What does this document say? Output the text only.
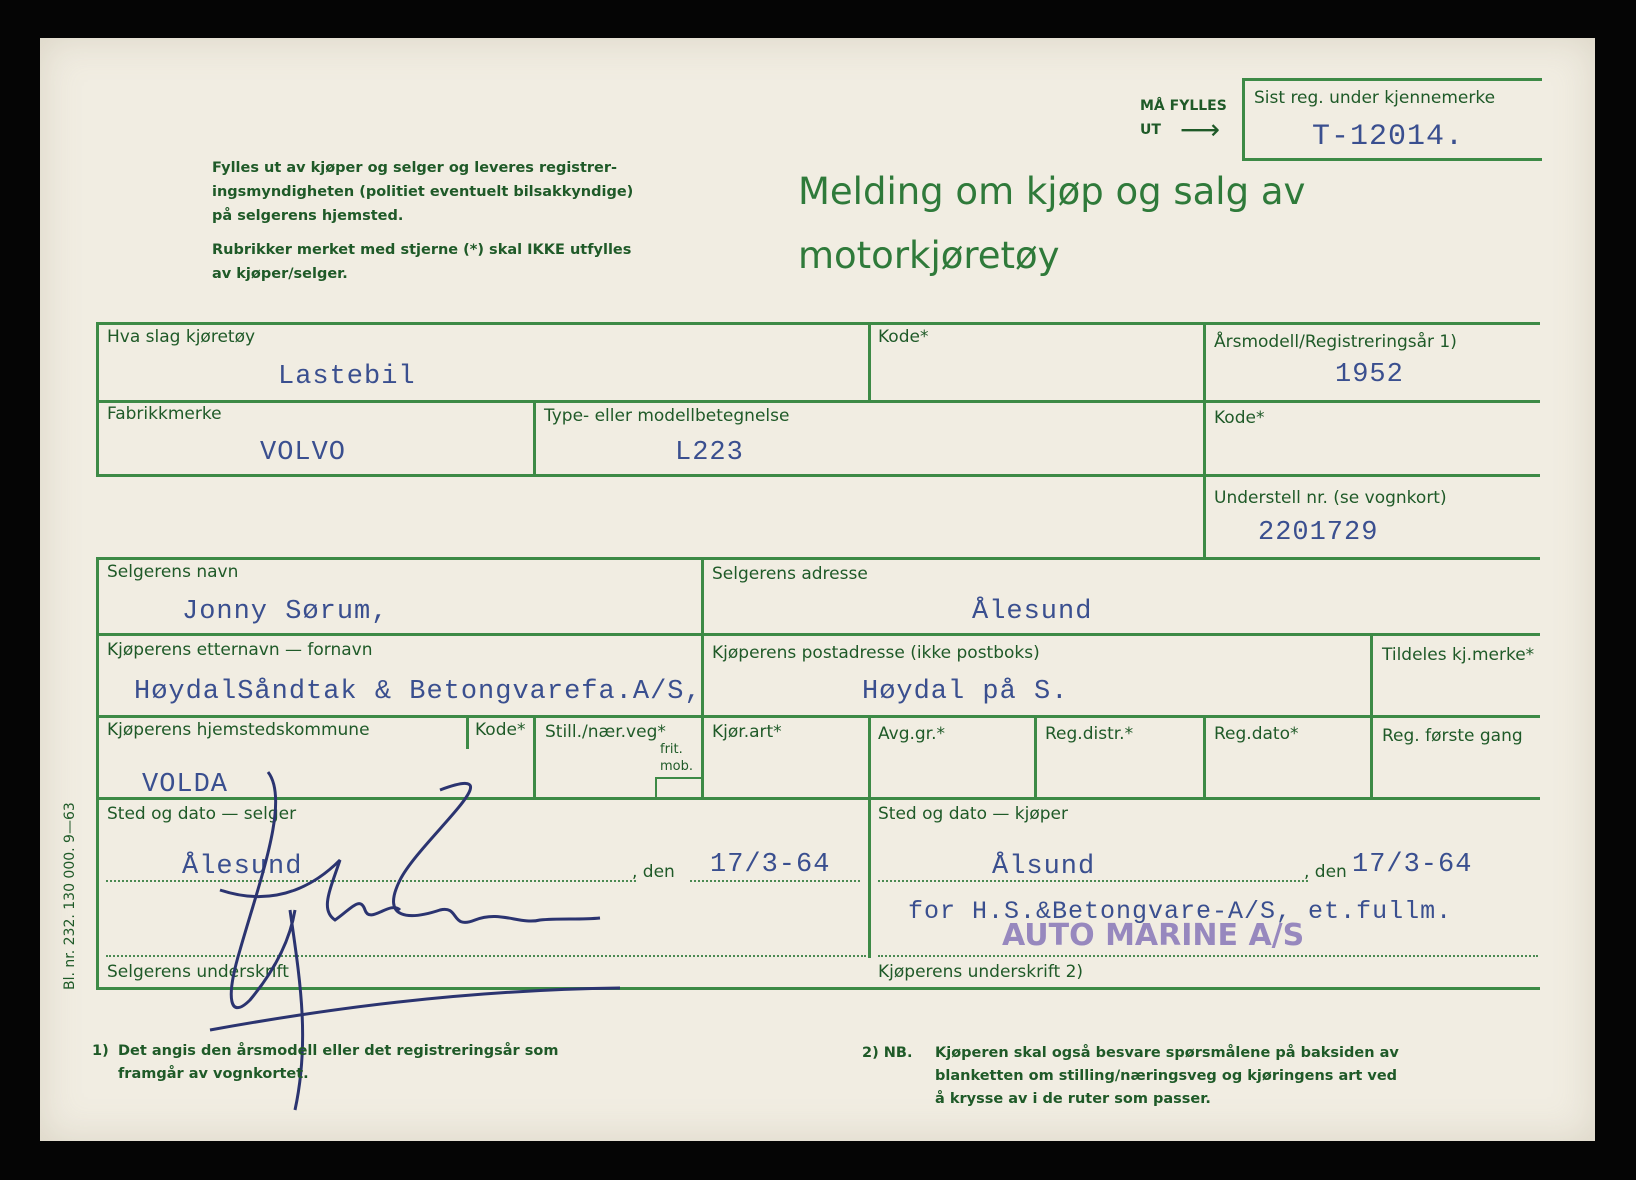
MÅ FYLLES
UT ⟶
Sist reg. under kjennemerke
T-12014.
Fylles ut av kjøper og selger og leveres registrer-
ingsmyndigheten (politiet eventuelt bilsakkyndige)
på selgerens hjemsted.
Rubrikker merket med stjerne (*) skal IKKE utfylles
av kjøper/selger.
Melding om kjøp og salg av
motorkjøretøy
Hva slag kjøretøy
Lastebil
Kode*	Årsmodell/Registreringsår 1)
1952
Fabrikkmerke
VOLVO
Type- eller modellbetegnelse
L223
Kode*
Understell nr. (se vognkort)
2201729
Selgerens navn
Jonny Sørum,
Selgerens adresse
Ålesund
Kjøperens etternavn — fornavn
HøydalSåndtak & Betongvarefa.A/S,
Kjøperens postadresse (ikke postboks)
Høydal på S.
Tildeles kj.merke*
Kjøperens hjemstedskommune
VOLDA
Kode* Still./nær.veg*
frit.
mob.
Kjør.art*	Avg.gr.*	Reg.distr.*	Reg.dato*	Reg. første gang
Sted og dato — selger
Ålesund	, den 17/3-64
Sted og dato — kjøper
Ålsund	, den 17/3-64
for H.S.&Betongvare-A/S, et.fullm.
AUTO MARINE A/S
Selgerens underskrift	Kjøperens underskrift 2)
Bl. nr. 232. 130 000. 9—63
1) Det angis den årsmodell eller det registreringsår som
framgår av vognkortet.
2) NB. Kjøperen skal også besvare spørsmålene på baksiden av
blanketten om stilling/næringsveg og kjøringens art ved
å krysse av i de ruter som passer.
